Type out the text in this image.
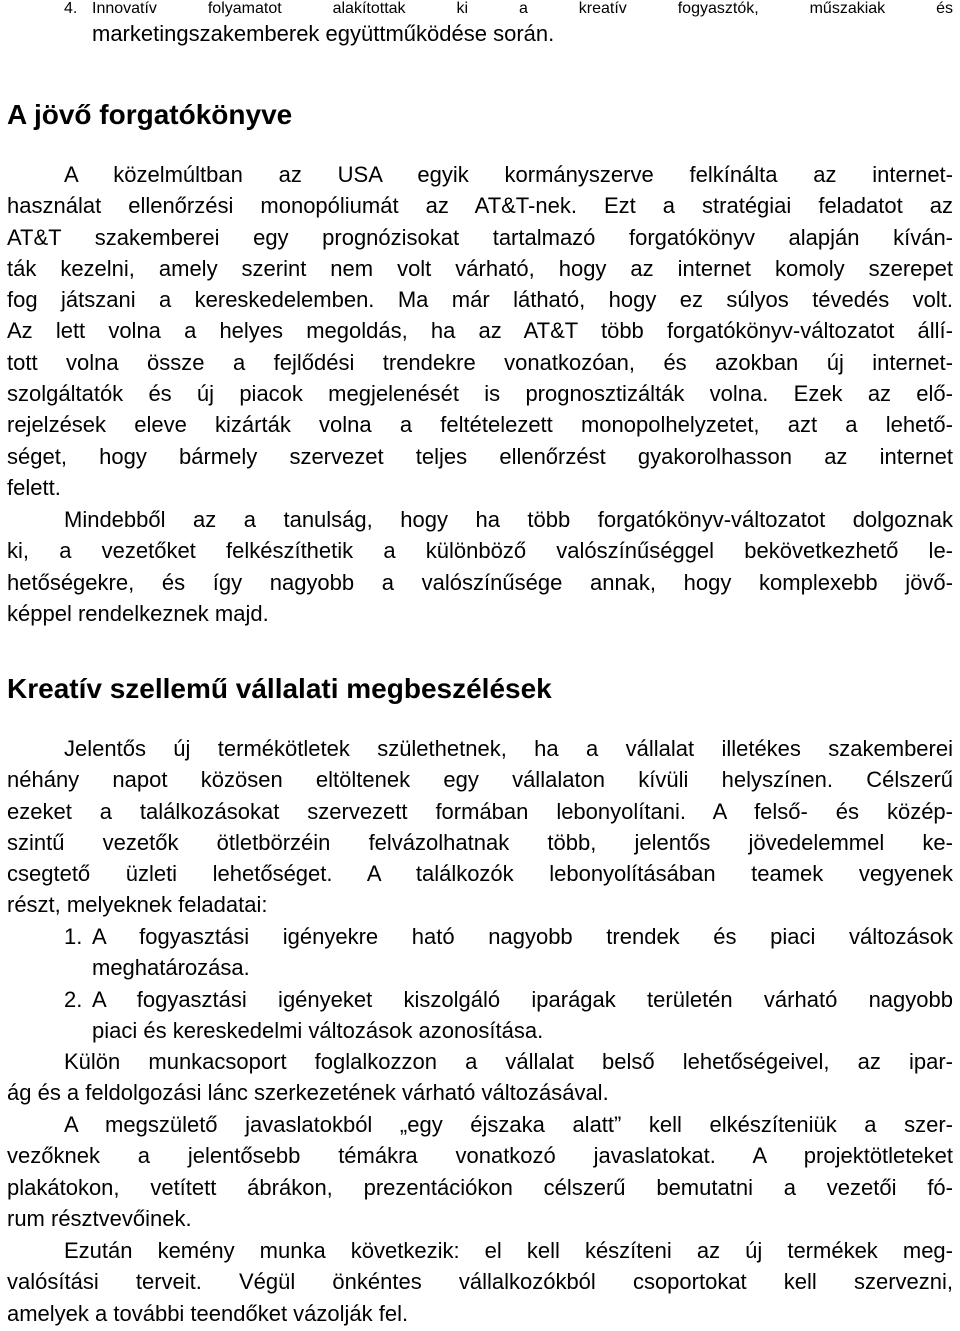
4. Innovatív folyamatot alakítottak ki a kreatív fogyasztók, műszakiak és
marketingszakemberek együttműködése során.
A jövő forgatókönyve
A közelmúltban az USA egyik kormányszerve felkínálta az internet-
használat ellenőrzési monopóliumát az AT&T-nek. Ezt a stratégiai feladatot az
AT&T szakemberei egy prognózisokat tartalmazó forgatókönyv alapján kíván-
ták kezelni, amely szerint nem volt várható, hogy az internet komoly szerepet
fog játszani a kereskedelemben. Ma már látható, hogy ez súlyos tévedés volt.
Az lett volna a helyes megoldás, ha az AT&T több forgatókönyv-változatot állí-
tott volna össze a fejlődési trendekre vonatkozóan, és azokban új internet-
szolgáltatók és új piacok megjelenését is prognosztizálták volna. Ezek az elő-
rejelzések eleve kizárták volna a feltételezett monopolhelyzetet, azt a lehető-
séget, hogy bármely szervezet teljes ellenőrzést gyakorolhasson az internet
felett.
Mindebből az a tanulság, hogy ha több forgatókönyv-változatot dolgoznak
ki, a vezetőket felkészíthetik a különböző valószínűséggel bekövetkezhető le-
hetőségekre, és így nagyobb a valószínűsége annak, hogy komplexebb jövő-
képpel rendelkeznek majd.
Kreatív szellemű vállalati megbeszélések
Jelentős új termékötletek születhetnek, ha a vállalat illetékes szakemberei
néhány napot közösen eltöltenek egy vállalaton kívüli helyszínen. Célszerű
ezeket a találkozásokat szervezett formában lebonyolítani. A felső- és közép-
szintű vezetők ötletbörzéin felvázolhatnak több, jelentős jövedelemmel ke-
csegtető üzleti lehetőséget. A találkozók lebonyolításában teamek vegyenek
részt, melyeknek feladatai:
1. A fogyasztási igényekre ható nagyobb trendek és piaci változások
meghatározása.
2. A fogyasztási igényeket kiszolgáló iparágak területén várható nagyobb
piaci és kereskedelmi változások azonosítása.
Külön munkacsoport foglalkozzon a vállalat belső lehetőségeivel, az ipar-
ág és a feldolgozási lánc szerkezetének várható változásával.
A megszülető javaslatokból „egy éjszaka alatt” kell elkészíteniük a szer-
vezőknek a jelentősebb témákra vonatkozó javaslatokat. A projektötleteket
plakátokon, vetített ábrákon, prezentációkon célszerű bemutatni a vezetői fó-
rum résztvevőinek.
Ezután kemény munka következik: el kell készíteni az új termékek meg-
valósítási terveit. Végül önkéntes vállalkozókból csoportokat kell szervezni,
amelyek a további teendőket vázolják fel.
